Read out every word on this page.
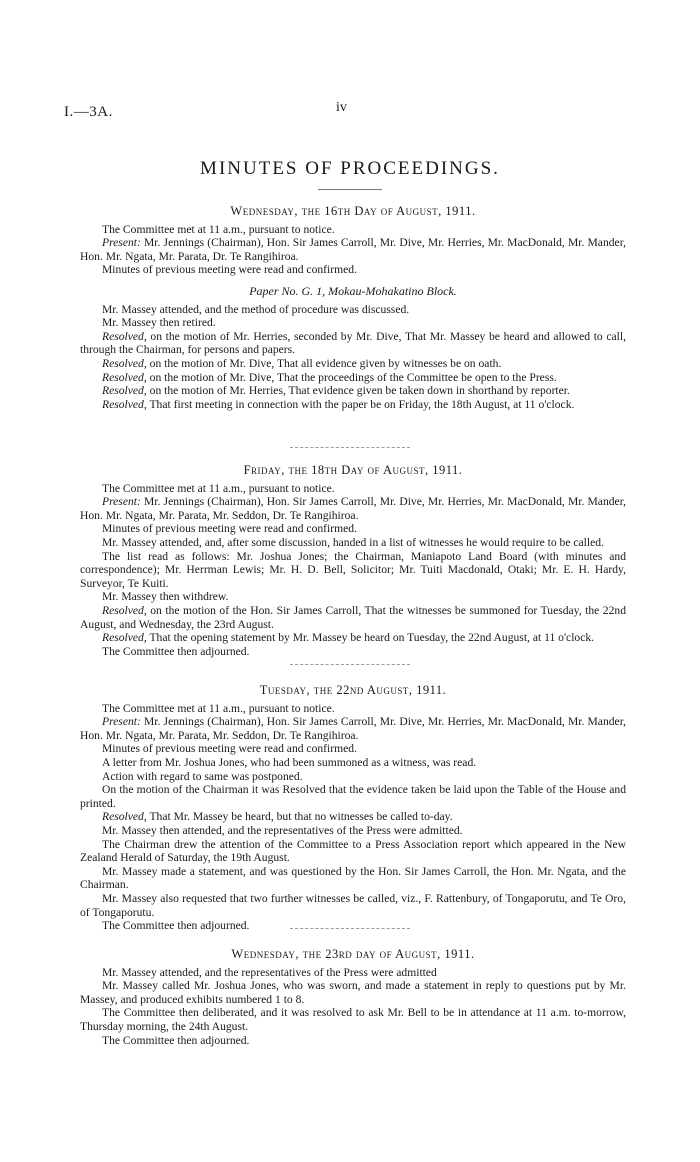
I.—3A.	iv
MINUTES OF PROCEEDINGS.
Wednesday, the 16th Day of August, 1911.

The Committee met at 11 a.m., pursuant to notice.

Present: Mr. Jennings (Chairman), Hon. Sir James Carroll, Mr. Dive, Mr. Herries, Mr. MacDonald, Mr. Mander, Hon. Mr. Ngata, Mr. Parata, Dr. Te Rangihiroa.

Minutes of previous meeting were read and confirmed.

Paper No. G. 1, Mokau-Mohakatino Block.

Mr. Massey attended, and the method of procedure was discussed.

Mr. Massey then retired.

Resolved, on the motion of Mr. Herries, seconded by Mr. Dive, That Mr. Massey be heard and allowed to call, through the Chairman, for persons and papers.

Resolved, on the motion of Mr. Dive, That all evidence given by witnesses be on oath.

Resolved, on the motion of Mr. Dive, That the proceedings of the Committee be open to the Press.

Resolved, on the motion of Mr. Herries, That evidence given be taken down in shorthand by reporter.

Resolved, That first meeting in connection with the paper be on Friday, the 18th August, at 11 o'clock.

Friday, the 18th Day of August, 1911.

The Committee met at 11 a.m., pursuant to notice.

Present: Mr. Jennings (Chairman), Hon. Sir James Carroll, Mr. Dive, Mr. Herries, Mr. MacDonald, Mr. Mander, Hon. Mr. Ngata, Mr. Parata, Mr. Seddon, Dr. Te Rangihiroa.

Minutes of previous meeting were read and confirmed.

Mr. Massey attended, and, after some discussion, handed in a list of witnesses he would require to be called.

The list read as follows: Mr. Joshua Jones; the Chairman, Maniapoto Land Board (with minutes and correspondence); Mr. Herrman Lewis; Mr. H. D. Bell, Solicitor; Mr. Tuiti Macdonald, Otaki; Mr. E. H. Hardy, Surveyor, Te Kuiti.

Mr. Massey then withdrew.

Resolved, on the motion of the Hon. Sir James Carroll, That the witnesses be summoned for Tuesday, the 22nd August, and Wednesday, the 23rd August.

Resolved, That the opening statement by Mr. Massey be heard on Tuesday, the 22nd August, at 11 o'clock.

The Committee then adjourned.

Tuesday, the 22nd August, 1911.

The Committee met at 11 a.m., pursuant to notice.

Present: Mr. Jennings (Chairman), Hon. Sir James Carroll, Mr. Dive, Mr. Herries, Mr. MacDonald, Mr. Mander, Hon. Mr. Ngata, Mr. Parata, Mr. Seddon, Dr. Te Rangihiroa.

Minutes of previous meeting were read and confirmed.

A letter from Mr. Joshua Jones, who had been summoned as a witness, was read.

Action with regard to same was postponed.

On the motion of the Chairman it was Resolved that the evidence taken be laid upon the Table of the House and printed.

Resolved, That Mr. Massey be heard, but that no witnesses be called to-day.

Mr. Massey then attended, and the representatives of the Press were admitted.

The Chairman drew the attention of the Committee to a Press Association report which appeared in the New Zealand Herald of Saturday, the 19th August.

Mr. Massey made a statement, and was questioned by the Hon. Sir James Carroll, the Hon. Mr. Ngata, and the Chairman.

Mr. Massey also requested that two further witnesses be called, viz., F. Rattenbury, of Tongaporutu, and Te Oro, of Tongaporutu.

The Committee then adjourned.

Wednesday, the 23rd day of August, 1911.

Mr. Massey attended, and the representatives of the Press were admitted

Mr. Massey called Mr. Joshua Jones, who was sworn, and made a statement in reply to questions put by Mr. Massey, and produced exhibits numbered 1 to 8.

The Committee then deliberated, and it was resolved to ask Mr. Bell to be in attendance at 11 a.m. to-morrow, Thursday morning, the 24th August.

The Committee then adjourned.
